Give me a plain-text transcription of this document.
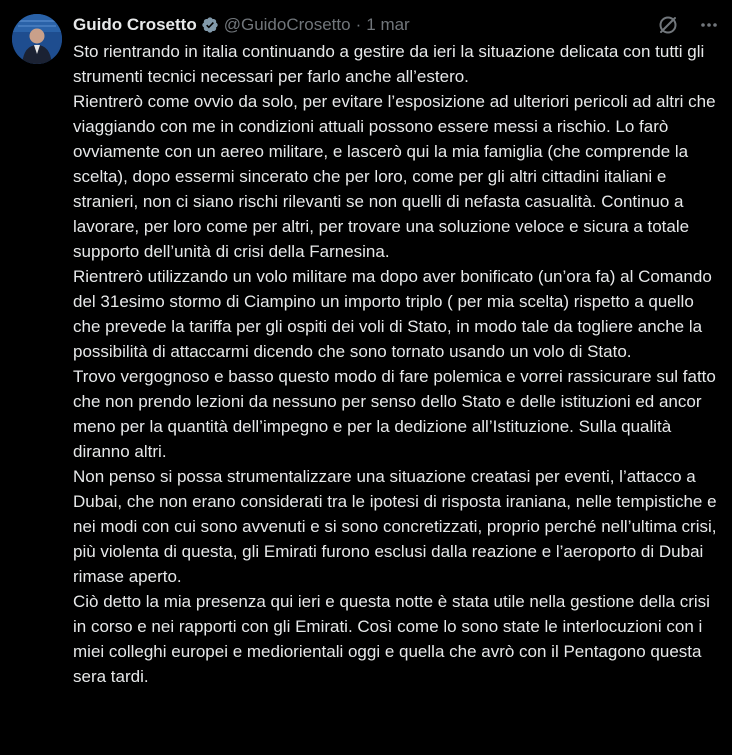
Guido Crosetto @GuidoCrosetto · 1 mar

Sto rientrando in italia continuando a gestire da ieri la situazione delicata con tutti gli strumenti tecnici necessari per farlo anche all’estero.

Rientrerò come ovvio da solo, per evitare l’esposizione ad ulteriori pericoli ad altri che viaggiando con me in condizioni attuali possono essere messi a rischio. Lo farò ovviamente con un aereo militare, e lascerò qui la mia famiglia (che comprende la scelta), dopo essermi sincerato che per loro, come per gli altri cittadini italiani e stranieri, non ci siano rischi rilevanti se non quelli di nefasta casualità. Continuo a lavorare, per loro come per altri, per trovare una soluzione veloce e sicura a totale supporto dell’unità di crisi della Farnesina.

Rientrerò utilizzando un volo militare ma dopo aver bonificato (un’ora fa) al Comando del 31esimo stormo di Ciampino un importo triplo ( per mia scelta) rispetto a quello che prevede la tariffa per gli ospiti dei voli di Stato, in modo tale da togliere anche la possibilità di attaccarmi dicendo che sono tornato usando un volo di Stato.

Trovo vergognoso e basso questo modo di fare polemica e vorrei rassicurare sul fatto che non prendo lezioni da nessuno per senso dello Stato e delle istituzioni ed ancor meno per la quantità dell’impegno e per la dedizione all’Istituzione. Sulla qualità diranno altri.

Non penso si possa strumentalizzare una situazione creatasi per eventi, l’attacco a Dubai, che non erano considerati tra le ipotesi di risposta iraniana, nelle tempistiche e nei modi con cui sono avvenuti e si sono concretizzati, proprio perché nell’ultima crisi, più violenta di questa, gli Emirati furono esclusi dalla reazione e l’aeroporto di Dubai rimase aperto.

Ciò detto la mia presenza qui ieri e questa notte è stata utile nella gestione della crisi in corso e nei rapporti con gli Emirati. Così come lo sono state le interlocuzioni con i miei colleghi europei e mediorientali oggi e quella che avrò con il Pentagono questa sera tardi.
